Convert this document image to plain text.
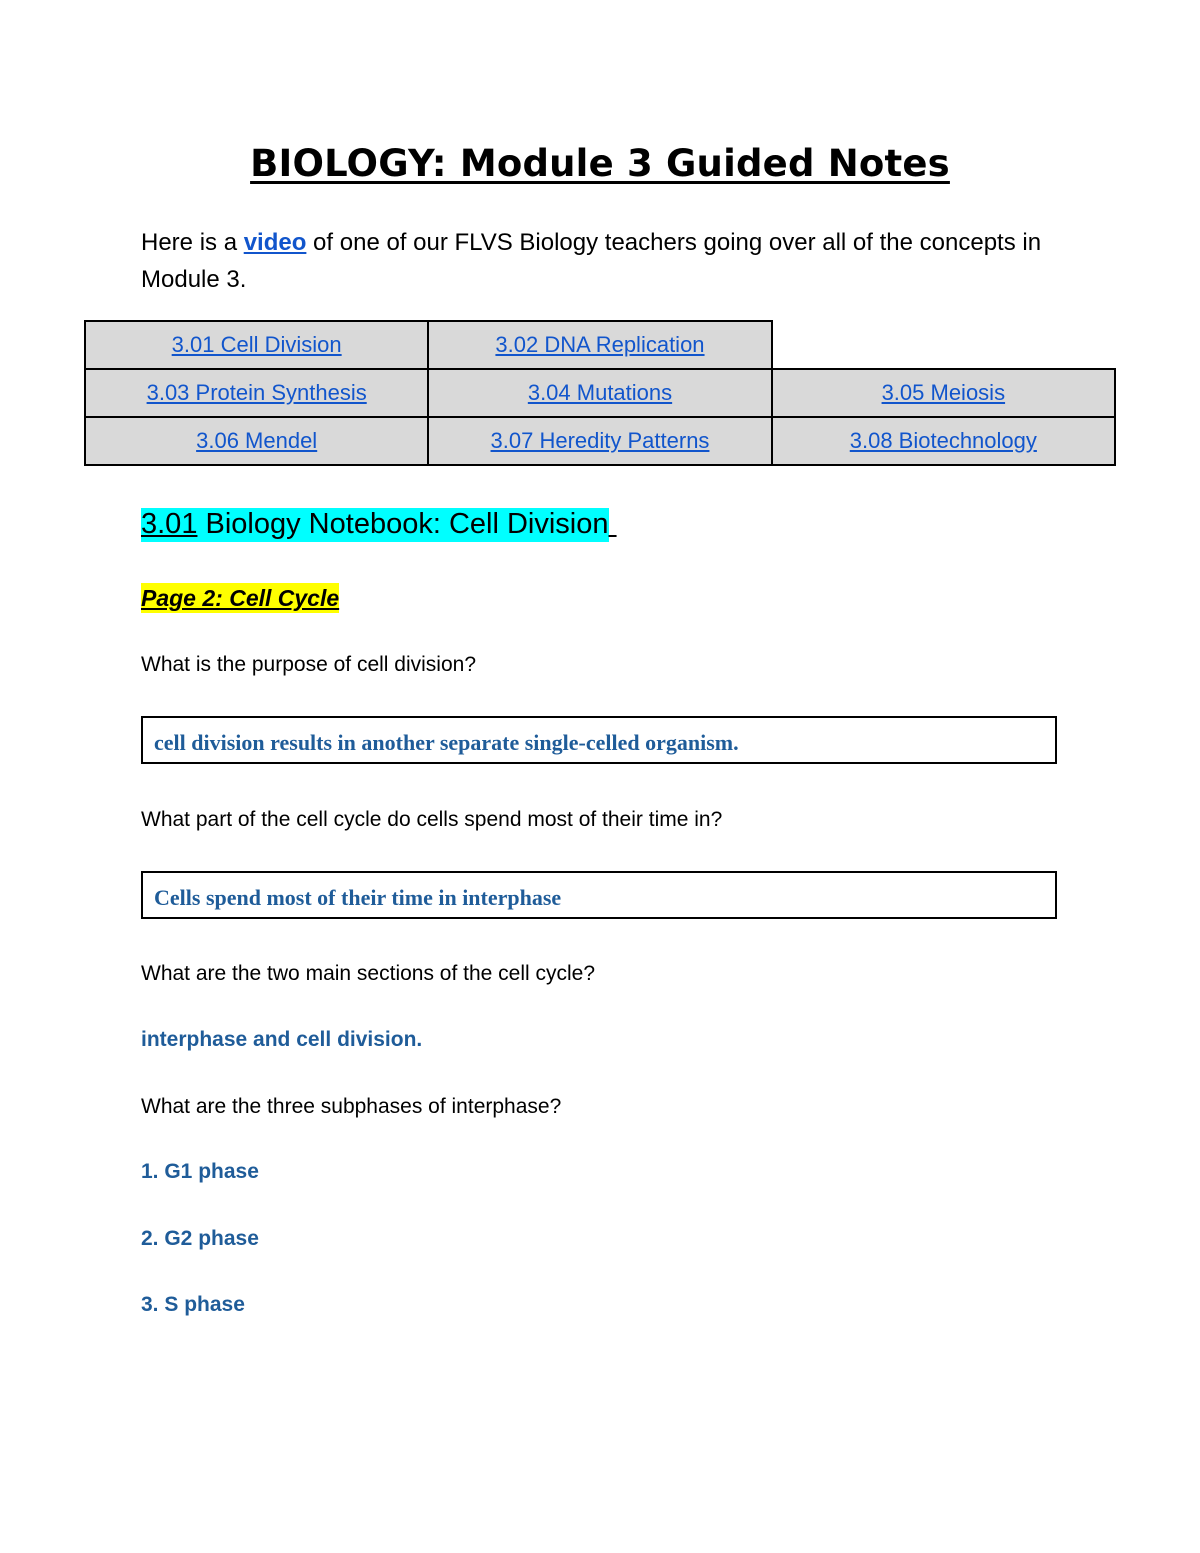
BIOLOGY: Module 3 Guided Notes
Here is a video of one of our FLVS Biology teachers going over all of the concepts in Module 3.
3.01 Cell Division	3.02 DNA Replication	
3.03 Protein Synthesis	3.04 Mutations	3.05 Meiosis
3.06 Mendel	3.07 Heredity Patterns	3.08 Biotechnology
3.01 Biology Notebook: Cell Division
Page 2: Cell Cycle
What is the purpose of cell division?
cell division results in another separate single-celled organism.
What part of the cell cycle do cells spend most of their time in?
Cells spend most of their time in interphase
What are the two main sections of the cell cycle?
interphase and cell division.
What are the three subphases of interphase?
1. G1 phase
2. G2 phase
3. S phase
